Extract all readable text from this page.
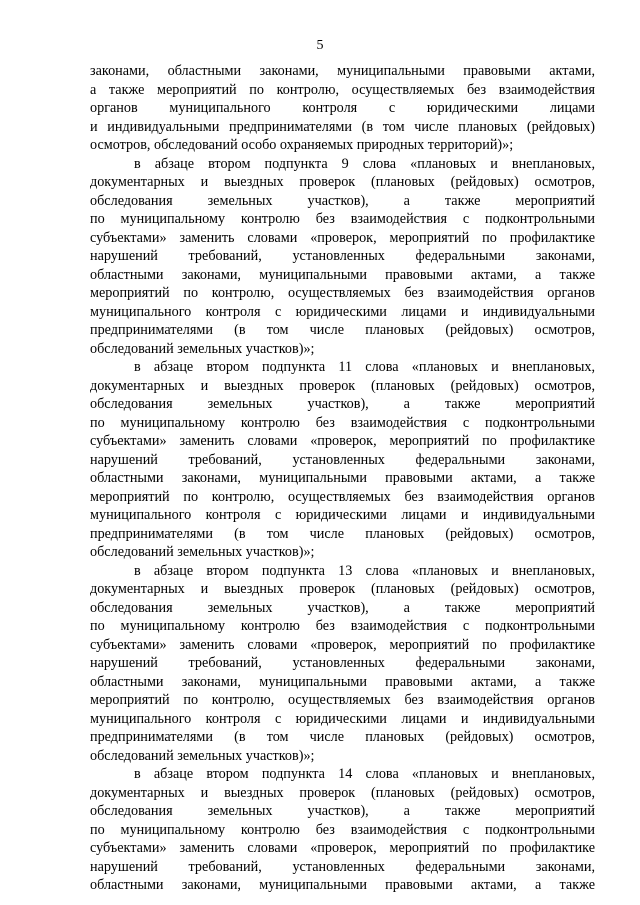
5
законами, областными законами, муниципальными правовыми актами,
а также мероприятий по контролю, осуществляемых без взаимодействия
органов муниципального контроля с юридическими лицами
и индивидуальными предпринимателями (в том числе плановых (рейдовых)
осмотров, обследований особо охраняемых природных территорий)»;
в абзаце втором подпункта 9 слова «плановых и внеплановых,
документарных и выездных проверок (плановых (рейдовых) осмотров,
обследования земельных участков), а также мероприятий
по муниципальному контролю без взаимодействия с подконтрольными
субъектами» заменить словами «проверок, мероприятий по профилактике
нарушений требований, установленных федеральными законами,
областными законами, муниципальными правовыми актами, а также
мероприятий по контролю, осуществляемых без взаимодействия органов
муниципального контроля с юридическими лицами и индивидуальными
предпринимателями (в том числе плановых (рейдовых) осмотров,
обследований земельных участков)»;
в абзаце втором подпункта 11 слова «плановых и внеплановых,
документарных и выездных проверок (плановых (рейдовых) осмотров,
обследования земельных участков), а также мероприятий
по муниципальному контролю без взаимодействия с подконтрольными
субъектами» заменить словами «проверок, мероприятий по профилактике
нарушений требований, установленных федеральными законами,
областными законами, муниципальными правовыми актами, а также
мероприятий по контролю, осуществляемых без взаимодействия органов
муниципального контроля с юридическими лицами и индивидуальными
предпринимателями (в том числе плановых (рейдовых) осмотров,
обследований земельных участков)»;
в абзаце втором подпункта 13 слова «плановых и внеплановых,
документарных и выездных проверок (плановых (рейдовых) осмотров,
обследования земельных участков), а также мероприятий
по муниципальному контролю без взаимодействия с подконтрольными
субъектами» заменить словами «проверок, мероприятий по профилактике
нарушений требований, установленных федеральными законами,
областными законами, муниципальными правовыми актами, а также
мероприятий по контролю, осуществляемых без взаимодействия органов
муниципального контроля с юридическими лицами и индивидуальными
предпринимателями (в том числе плановых (рейдовых) осмотров,
обследований земельных участков)»;
в абзаце втором подпункта 14 слова «плановых и внеплановых,
документарных и выездных проверок (плановых (рейдовых) осмотров,
обследования земельных участков), а также мероприятий
по муниципальному контролю без взаимодействия с подконтрольными
субъектами» заменить словами «проверок, мероприятий по профилактике
нарушений требований, установленных федеральными законами,
областными законами, муниципальными правовыми актами, а также
